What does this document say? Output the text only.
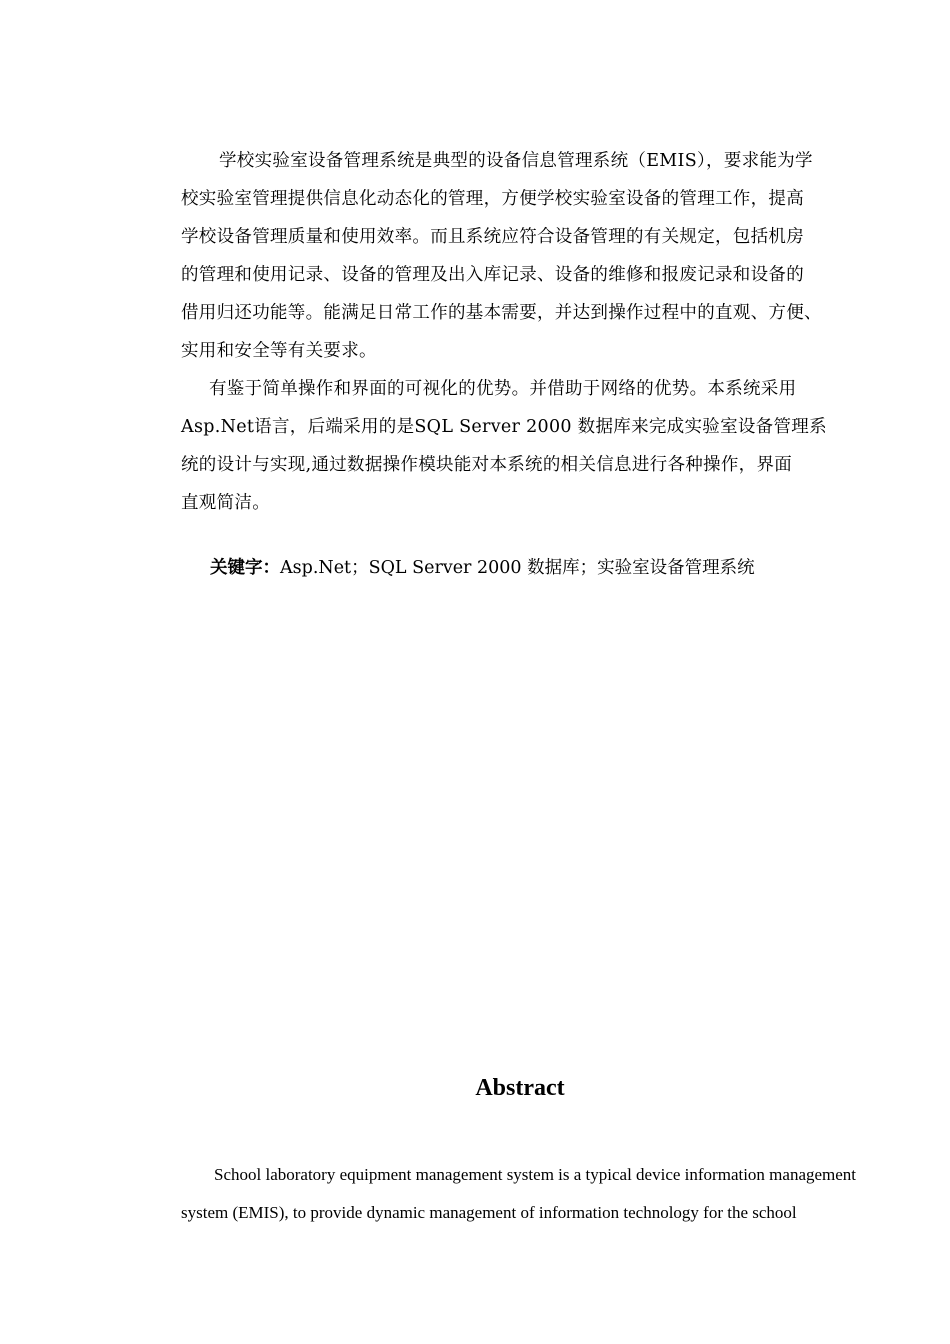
学校实验室设备管理系统是典型的设备信息管理系统（EMIS），要求能为学
校实验室管理提供信息化动态化的管理，方便学校实验室设备的管理工作，提高
学校设备管理质量和使用效率。而且系统应符合设备管理的有关规定，包括机房
的管理和使用记录、设备的管理及出入库记录、设备的维修和报废记录和设备的
借用归还功能等。能满足日常工作的基本需要，并达到操作过程中的直观、方便、
实用和安全等有关要求。
有鉴于简单操作和界面的可视化的优势。并借助于网络的优势。本系统采用
Asp.Net语言，后端采用的是SQL Server 2000 数据库来完成实验室设备管理系
统的设计与实现,通过数据操作模块能对本系统的相关信息进行各种操作，界面
直观简洁。
关键字：Asp.Net；SQL Server 2000 数据库；实验室设备管理系统
Abstract
School laboratory equipment management system is a typical device information management
system (EMIS), to provide dynamic management of information technology for the school
